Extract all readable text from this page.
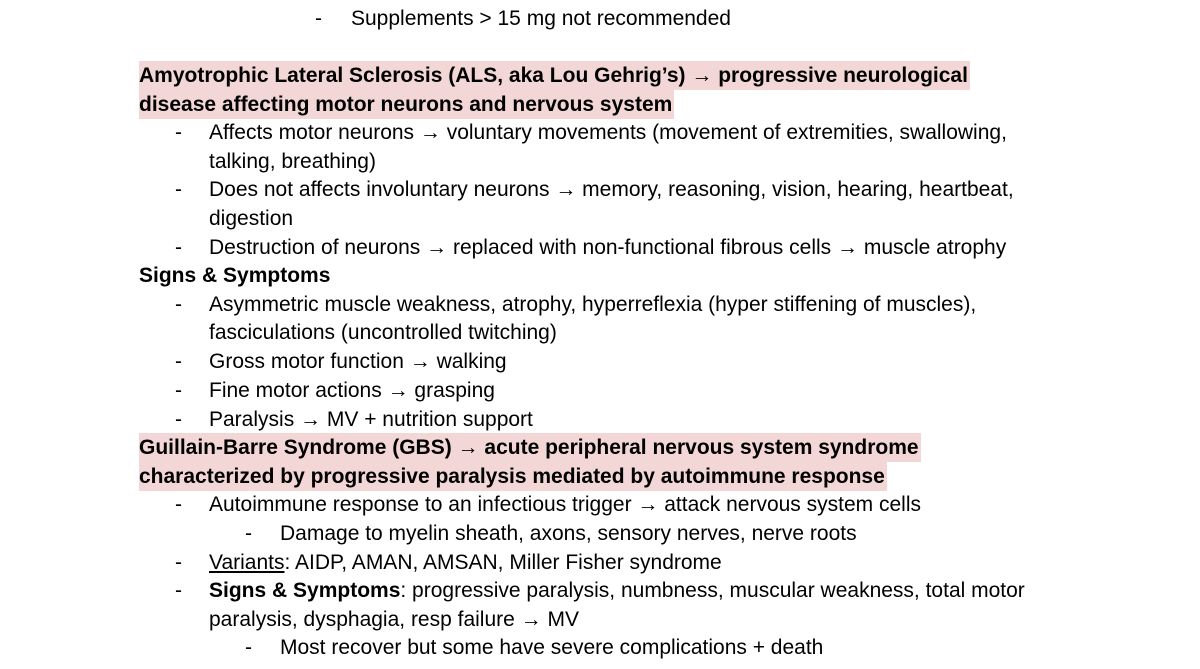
- Supplements > 15 mg not recommended
Amyotrophic Lateral Sclerosis (ALS, aka Lou Gehrig’s) → progressive neurological
disease affecting motor neurons and nervous system
- Affects motor neurons → voluntary movements (movement of extremities, swallowing,
talking, breathing)
- Does not affects involuntary neurons → memory, reasoning, vision, hearing, heartbeat,
digestion
- Destruction of neurons → replaced with non-functional fibrous cells → muscle atrophy
Signs & Symptoms
- Asymmetric muscle weakness, atrophy, hyperreflexia (hyper stiffening of muscles),
fasciculations (uncontrolled twitching)
- Gross motor function → walking
- Fine motor actions → grasping
- Paralysis → MV + nutrition support
Guillain-Barre Syndrome (GBS) → acute peripheral nervous system syndrome
characterized by progressive paralysis mediated by autoimmune response
- Autoimmune response to an infectious trigger → attack nervous system cells
- Damage to myelin sheath, axons, sensory nerves, nerve roots
- Variants: AIDP, AMAN, AMSAN, Miller Fisher syndrome
- Signs & Symptoms: progressive paralysis, numbness, muscular weakness, total motor
paralysis, dysphagia, resp failure → MV
- Most recover but some have severe complications + death
